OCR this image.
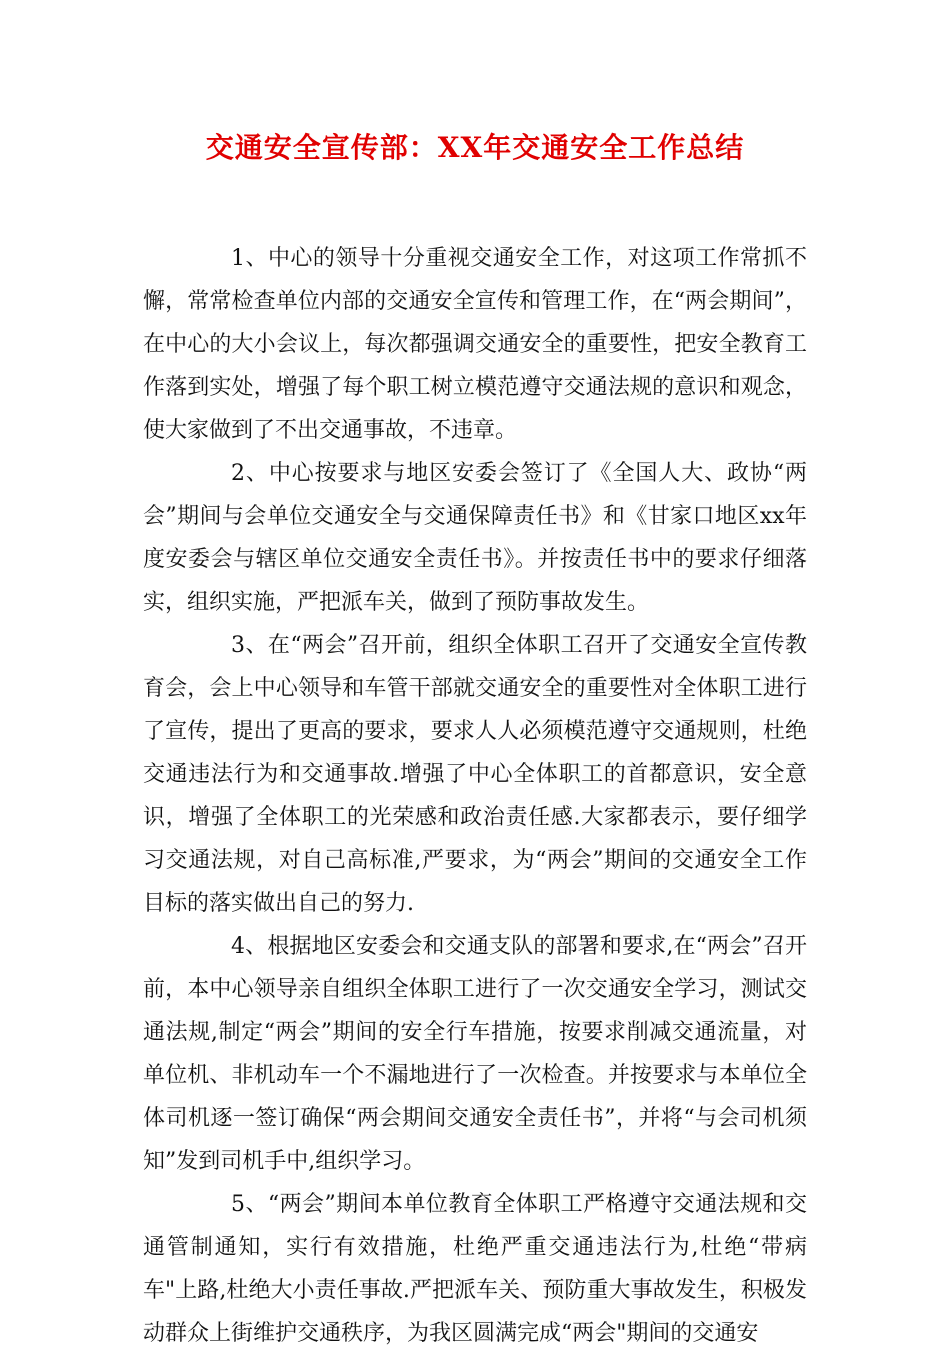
交通安全宣传部：XX年交通安全工作总结

1、中心的领导十分重视交通安全工作，对这项工作常抓不懈，常常检查单位内部的交通安全宣传和管理工作，在“两会期间”，在中心的大小会议上，每次都强调交通安全的重要性，把安全教育工作落到实处，增强了每个职工树立模范遵守交通法规的意识和观念，使大家做到了不出交通事故，不违章。

2、中心按要求与地区安委会签订了《全国人大、政协“两会”期间与会单位交通安全与交通保障责任书》和《甘家口地区xx年度安委会与辖区单位交通安全责任书》。并按责任书中的要求仔细落实，组织实施，严把派车关，做到了预防事故发生。

3、在“两会”召开前，组织全体职工召开了交通安全宣传教育会，会上中心领导和车管干部就交通安全的重要性对全体职工进行了宣传，提出了更高的要求，要求人人必须模范遵守交通规则，杜绝交通违法行为和交通事故.增强了中心全体职工的首都意识，安全意识，增强了全体职工的光荣感和政治责任感.大家都表示，要仔细学习交通法规，对自己高标准,严要求，为“两会”期间的交通安全工作目标的落实做出自己的努力.

4、根据地区安委会和交通支队的部署和要求,在“两会”召开前，本中心领导亲自组织全体职工进行了一次交通安全学习，测试交通法规,制定“两会”期间的安全行车措施，按要求削减交通流量，对单位机、非机动车一个不漏地进行了一次检查。并按要求与本单位全体司机逐一签订确保“两会期间交通安全责任书”，并将“与会司机须知”发到司机手中,组织学习。

5、“两会”期间本单位教育全体职工严格遵守交通法规和交通管制通知，实行有效措施，杜绝严重交通违法行为,杜绝“带病车"上路,杜绝大小责任事故.严把派车关、预防重大事故发生，积极发动群众上街维护交通秩序，为我区圆满完成“两会"期间的交通安
